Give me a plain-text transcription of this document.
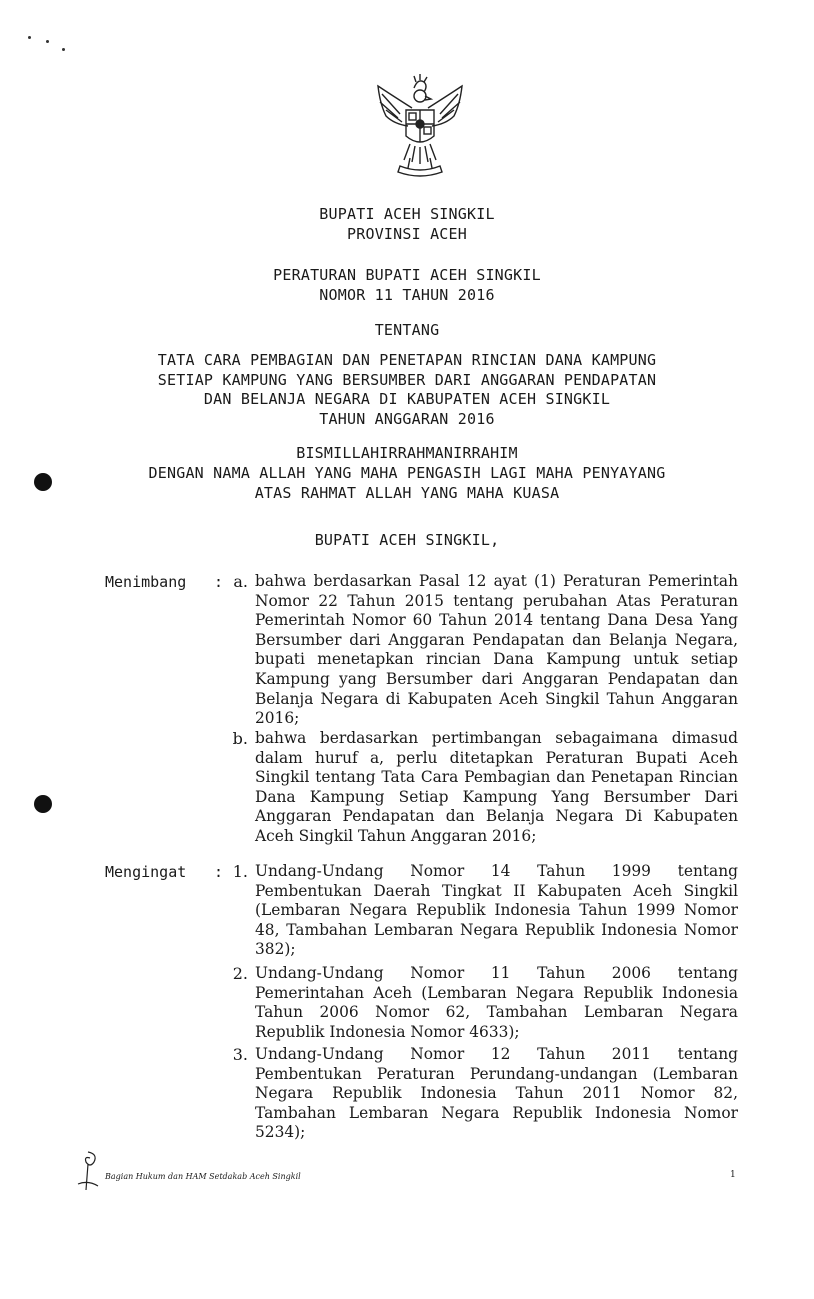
BUPATI ACEH SINGKIL
PROVINSI ACEH
PERATURAN BUPATI ACEH SINGKIL
NOMOR 11 TAHUN 2016
TENTANG
TATA CARA PEMBAGIAN DAN PENETAPAN RINCIAN DANA KAMPUNG
SETIAP KAMPUNG YANG BERSUMBER DARI ANGGARAN PENDAPATAN
DAN BELANJA NEGARA DI KABUPATEN ACEH SINGKIL
TAHUN ANGGARAN 2016
BISMILLAHIRRAHMANIRRAHIM
DENGAN NAMA ALLAH YANG MAHA PENGASIH LAGI MAHA PENYAYANG
ATAS RAHMAT ALLAH YANG MAHA KUASA
BUPATI ACEH SINGKIL,
Menimbang : a. bahwa berdasarkan Pasal 12 ayat (1) Peraturan Pemerintah Nomor 22 Tahun 2015 tentang perubahan Atas Peraturan Pemerintah Nomor 60 Tahun 2014 tentang Dana Desa Yang Bersumber dari Anggaran Pendapatan dan Belanja Negara, bupati menetapkan rincian Dana Kampung untuk setiap Kampung yang Bersumber dari Anggaran Pendapatan dan Belanja Negara di Kabupaten Aceh Singkil Tahun Anggaran 2016;
b. bahwa berdasarkan pertimbangan sebagaimana dimasud dalam huruf a, perlu ditetapkan Peraturan Bupati Aceh Singkil tentang Tata Cara Pembagian dan Penetapan Rincian Dana Kampung Setiap Kampung Yang Bersumber Dari Anggaran Pendapatan dan Belanja Negara Di Kabupaten Aceh Singkil Tahun Anggaran 2016;
Mengingat : 1. Undang-Undang Nomor 14 Tahun 1999 tentang Pembentukan Daerah Tingkat II Kabupaten Aceh Singkil (Lembaran Negara Republik Indonesia Tahun 1999 Nomor 48, Tambahan Lembaran Negara Republik Indonesia Nomor 382);
2. Undang-Undang Nomor 11 Tahun 2006 tentang Pemerintahan Aceh (Lembaran Negara Republik Indonesia Tahun 2006 Nomor 62, Tambahan Lembaran Negara Republik Indonesia Nomor 4633);
3. Undang-Undang Nomor 12 Tahun 2011 tentang Pembentukan Peraturan Perundang-undangan (Lembaran Negara Republik Indonesia Tahun 2011 Nomor 82, Tambahan Lembaran Negara Republik Indonesia Nomor 5234);
Bagian Hukum dan HAM Setdakab Aceh Singkil	1
